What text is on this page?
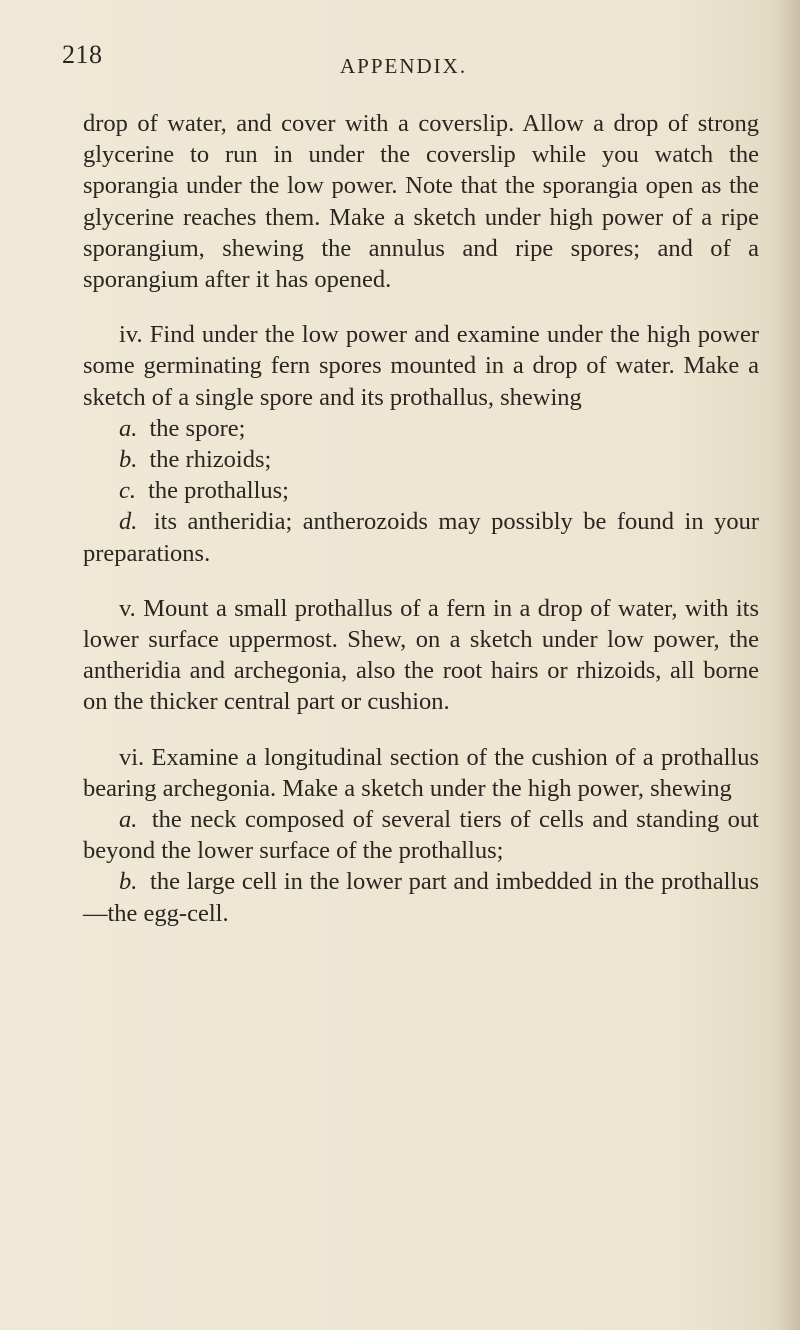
218	APPENDIX.

drop of water, and cover with a coverslip. Allow a drop of strong glycerine to run in under the coverslip while you watch the sporangia under the low power. Note that the sporangia open as the glycerine reaches them. Make a sketch under high power of a ripe sporangium, shewing the annulus and ripe spores; and of a sporangium after it has opened.

iv. Find under the low power and examine under the high power some germinating fern spores mounted in a drop of water. Make a sketch of a single spore and its prothallus, shewing

a. the spore;
b. the rhizoids;
c. the prothallus;

d. its antheridia; antherozoids may possibly be found in your preparations.

v. Mount a small prothallus of a fern in a drop of water, with its lower surface uppermost. Shew, on a sketch under low power, the antheridia and archegonia, also the root hairs or rhizoids, all borne on the thicker central part or cushion.

vi. Examine a longitudinal section of the cushion of a prothallus bearing archegonia. Make a sketch under the high power, shewing

a. the neck composed of several tiers of cells and standing out beyond the lower surface of the prothallus;

b. the large cell in the lower part and imbedded in the prothallus—the egg-cell.
